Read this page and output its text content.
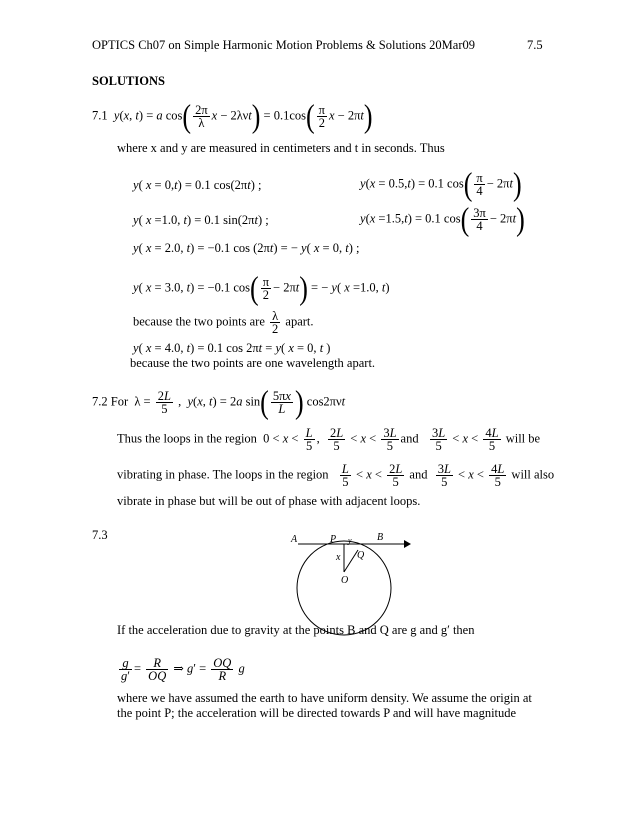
OPTICS Ch07 on Simple Harmonic Motion Problems & Solutions 20Mar09	7.5
SOLUTIONS
7.1 y(x, t) = a $\cos( \frac{2\pi}{\lambda}$ $x - 2\lambda\nu t) = 0.1\cos( \frac{\pi}{2}$ x − 2πt)
where x and y are measured in centimeters and t in seconds. Thus
y( x = 0,t) = 0.1 cos(2πt) ;	y(x = 0.5,t) = 0.1 $\cos( \frac{\pi}{4} - 2\pi t)$
y( x =1.0, t) = 0.1 sin(2πt) ;	y(x =1.5,t) = 0.1 $\cos( \frac{3\pi}{4} - 2\pi t)$
y( x = 2.0, t) = −0.1 cos (2πt) = − y( x = 0, t) ;
y( x = 3.0, t) = −0.1 $\cos( \frac{\pi}{2} - 2\pi t)$ = − y( x =1.0, t)
because the two points are $\frac{\lambda}{2}$ apart.
y( x = 4.0, t) = 0.1 cos 2πt = y( x = 0, t )
because the two points are one wavelength apart.
7.2 For  $\lambda = \frac{2L}{5}$ ,  y(x, t) = 2a $\sin( \frac{5\pi x}{L}$ ) cos2πνt
Thus the loops in the region  $0 < x < \frac{L}{5}$ , $\frac{2L}{5} < x < \frac{3L}{5}$ and $\frac{3L}{5} < x < \frac{4L}{5}$ will be
vibrating in phase. The loops in the region $\frac{L}{5} < x < \frac{2L}{5}$ and $\frac{3L}{5} < x < \frac{4L}{5}$ will also
vibrate in phase but will be out of phase with adjacent loops.
7.3	A	P y	B
x Q
O
If the acceleration due to gravity at the points B and Q are g and g′ then
$\frac{g}{g'} = \frac{R}{OQ}$ ⇒ $g' = \frac{OQ}{R}$ g
where we have assumed the earth to have uniform density. We assume the origin at
the point P; the acceleration will be directed towards P and will have magnitude
